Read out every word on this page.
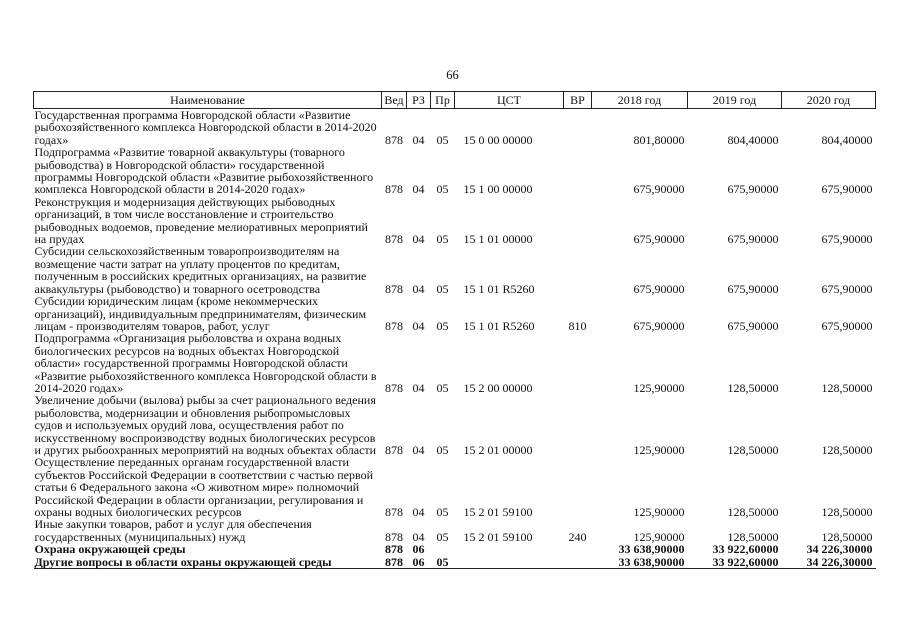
66
Наименование	Вед	РЗ	Пр	ЦСТ	ВР	2018 год	2019 год	2020 год
Государственная программа Новгородской области «Развитие рыбохозяйственного комплекса Новгородской области в 2014-2020 годах»	878	04	05	15 0 00 00000		801,80000	804,40000	804,40000
Подпрограмма «Развитие товарной аквакультуры (товарного рыбоводства) в Новгородской области» государственной программы Новгородской области «Развитие рыбохозяйственного комплекса Новгородской области в 2014-2020 годах»	878	04	05	15 1 00 00000		675,90000	675,90000	675,90000
Реконструкция и модернизация действующих рыбоводных организаций, в том числе восстановление и строительство рыбоводных водоемов, проведение мелиоративных мероприятий на прудах	878	04	05	15 1 01 00000		675,90000	675,90000	675,90000
Субсидии сельскохозяйственным товаропроизводителям на возмещение части затрат на уплату процентов по кредитам, полученным в российских кредитных организациях, на развитие аквакультуры (рыбоводство) и товарного осетроводства	878	04	05	15 1 01 R5260		675,90000	675,90000	675,90000
Субсидии юридическим лицам (кроме некоммерческих организаций), индивидуальным предпринимателям, физическим лицам - производителям товаров, работ, услуг	878	04	05	15 1 01 R5260	810	675,90000	675,90000	675,90000
Подпрограмма «Организация рыболовства и охрана водных биологических ресурсов на водных объектах Новгородской области» государственной программы Новгородской области «Развитие рыбохозяйственного комплекса Новгородской области в 2014-2020 годах»	878	04	05	15 2 00 00000		125,90000	128,50000	128,50000
Увеличение добычи (вылова) рыбы за счет рационального ведения рыболовства, модернизации и обновления рыбопромысловых судов и используемых орудий лова, осуществления работ по искусственному воспроизводству водных биологических ресурсов и других рыбоохранных мероприятий на водных объектах области	878	04	05	15 2 01 00000		125,90000	128,50000	128,50000
Осуществление переданных органам государственной власти субъектов Российской Федерации в соответствии с частью первой статьи 6 Федерального закона «О животном мире» полномочий Российской Федерации в области организации, регулирования и охраны водных биологических ресурсов	878	04	05	15 2 01 59100		125,90000	128,50000	128,50000
Иные закупки товаров, работ и услуг для обеспечения государственных (муниципальных) нужд	878	04	05	15 2 01 59100	240	125,90000	128,50000	128,50000
Охрана окружающей среды	878	06				33 638,90000	33 922,60000	34 226,30000
Другие вопросы в области охраны окружающей среды	878	06	05			33 638,90000	33 922,60000	34 226,30000
